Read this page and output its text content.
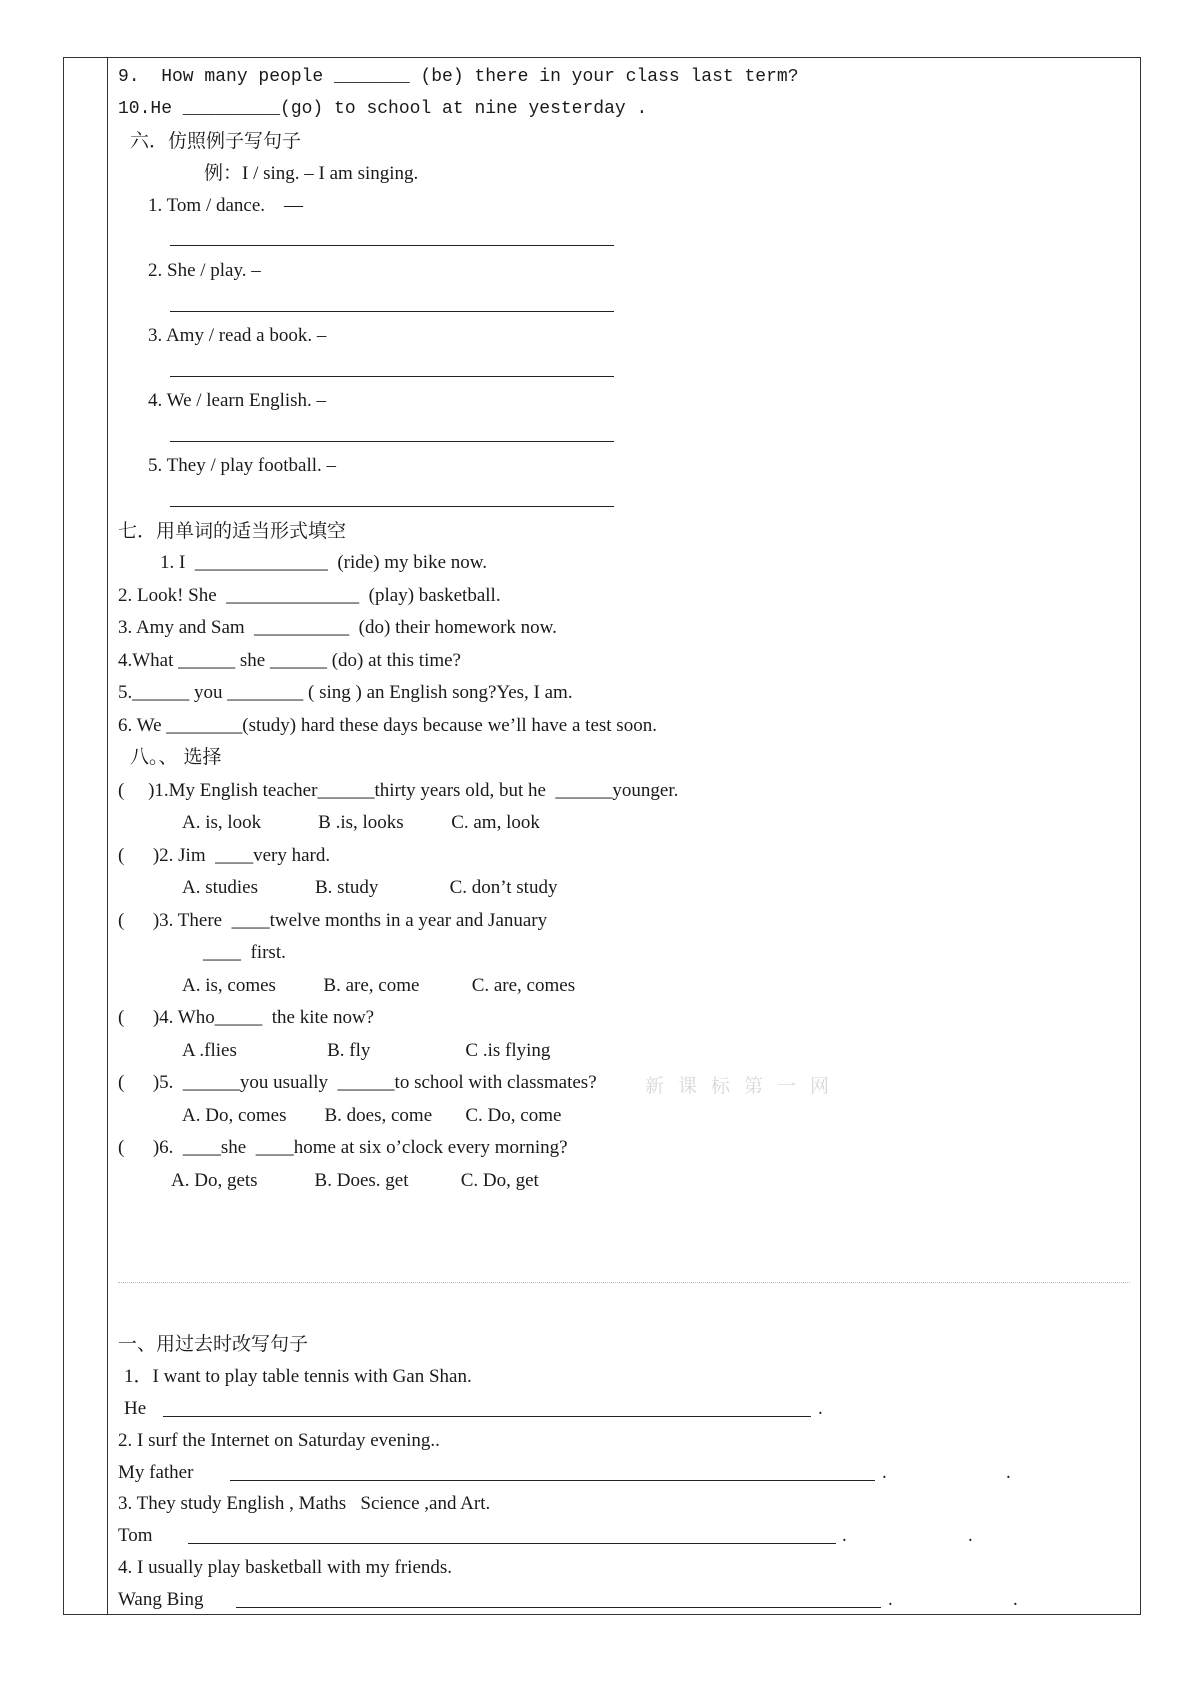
9.  How many people _______ (be) there in your class last term?
10.He _________(go) to school at nine yesterday .
六．仿照例子写句子
例：I / sing. – I am singing.
1. Tom / dance.    —
2. She / play. –
3. Amy / read a book. –
4. We / learn English. –
5. They / play football. –
七．用单词的适当形式填空
1. I  ______________  (ride) my bike now.
2. Look! She  ______________  (play) basketball.
3. Amy and Sam  __________  (do) their homework now.
4.What ______ she ______ (do) at this time?
5.______ you ________ ( sing ) an English song?Yes, I am.
6. We ________(study) hard these days because we’ll have a test soon.
八。、 选择
(     )1.My English teacher______thirty years old, but he  ______younger.
A. is, look            B .is, looks          C. am, look
(      )2. Jim  ____very hard.
A. studies            B. study               C. don’t study
(      )3. There  ____twelve months in a year and January
____  first.
A. is, comes          B. are, come           C. are, comes
(      )4. Who_____  the kite now?
A .flies                   B. fly                    C .is flying
(      )5.  ______you usually  ______to school with classmates?	新课标第一网
A. Do, comes        B. does, come       C. Do, come
(      )6.  ____she  ____home at six o’clock every morning?
A. Do, gets            B. Does. get           C. Do, get
一、用过去时改写句子
1．I want to play table tennis with Gan Shan.
He	.
2. I surf the Internet on Saturday evening..
My father	.	.
3. They study English , Maths   Science ,and Art.
Tom	.	.
4. I usually play basketball with my friends.
Wang Bing	.	.
